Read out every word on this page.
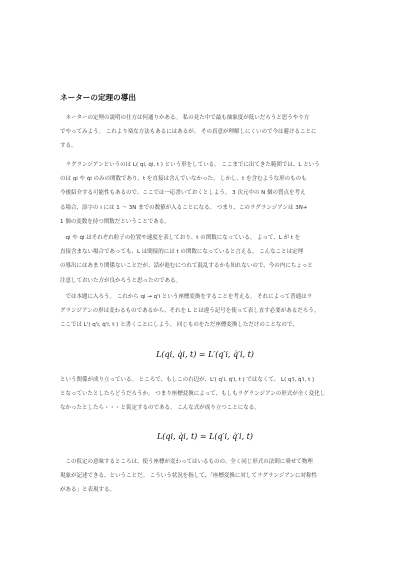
ネーターの定理の導出
　ネーターの定理の説明の仕方は何通りかある。 私の見た中で最も抽象度が低いだろうと思うやり方
でやってみよう。 これより楽な方法もあるにはあるが、 その真意が理解しにくいので今は避けることに
する。
　ラグランジアンというのは L( qi, q̇i, t ) という形をしている。 ここまでに出てきた範囲では、L という
のは qi や q̇i のみの関数であり、t を直接は含んでいなかった。 しかし、t を含むような形のものも
今後紹介する可能性もあるので、ここでは一応書いておくとしよう。 3 次元中の N 個の質点を考え
る場合、添字の i には 1 〜 3N までの数値が入ることになる。 つまり、このラグランジアンは 3N+
1 個の変数を持つ関数だということである。
　qi や q̇i はそれぞれ粒子の位置や速度を表しており、t の関数になっている。 よって、L が t を
直接含まない場合であっても、L は間接的には t の関数になっていると言える。 こんなことは定理
の導出にはあまり関係ないことだが、話が進むにつれて混乱するかも知れないので、今の内にちょっと
注意しておいた方が良かろうと思ったのである。
　では本題に入ろう。 これから qi → q'i という座標変換をすることを考える。 それによって普通はラ
グランジアンの形は変わるものであるから、それを L とは違う記号を使って表し直す必要があるだろう。
ここでは L'( q'i, q̇'i, t ) と書くことにしよう。 同じものをただ座標変換しただけのことなので、
L(qi, q̇i, t) = L′(q′i, q̇′i, t)
という関係が成り立っている。 ところで、もしこの右辺が、L'( q'i, q̇'i, t ) ではなくて、 L( q'i, q̇'i, t )
となっていたとしたらどうだろうか。 つまり座標変換によって、もしもラグランジアンの形式が全く変化し
なかったとしたら・・・と仮定するのである。 こんな式が成り立つことになる。
L(qi, q̇i, t) = L(q′i, q̇′i, t)
　この仮定の意味するところは、使う座標が変わってはいるものの、全く同じ形式の法則に乗せて物理
現象が記述できる、ということだ。 こういう状況を指して、「座標変換に対してラグランジアンに対称性
がある」と表現する。
